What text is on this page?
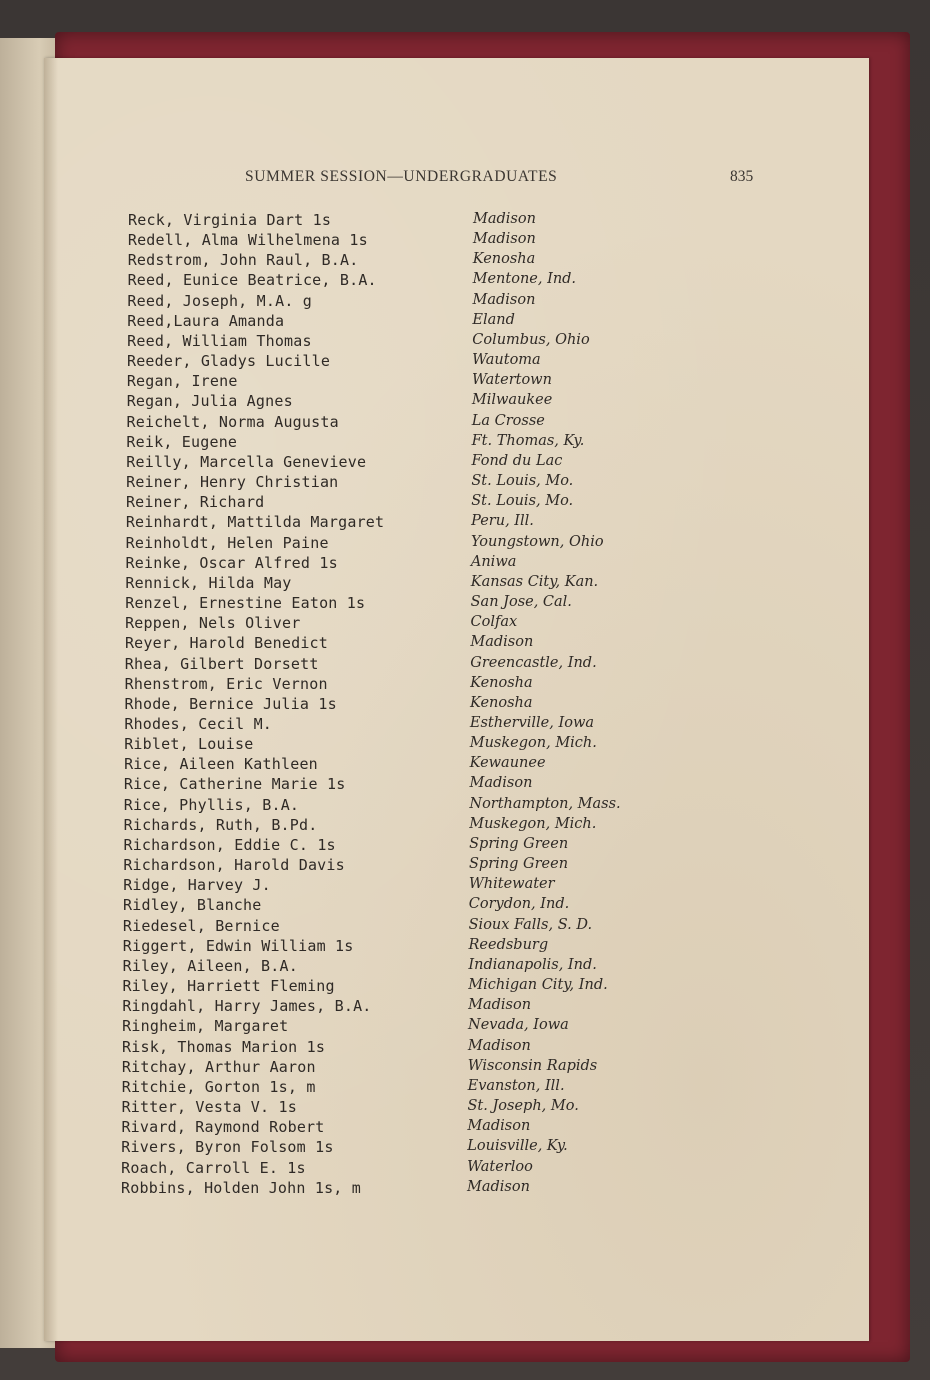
SUMMER SESSION—UNDERGRADUATES	835
Reck, Virginia Dart 1s	Madison
Redell, Alma Wilhelmena 1s	Madison
Redstrom, John Raul, B.A.	Kenosha
Reed, Eunice Beatrice, B.A.	Mentone, Ind.
Reed, Joseph, M.A. g	Madison
Reed,Laura Amanda	Eland
Reed, William Thomas	Columbus, Ohio
Reeder, Gladys Lucille	Wautoma
Regan, Irene	Watertown
Regan, Julia Agnes	Milwaukee
Reichelt, Norma Augusta	La Crosse
Reik, Eugene	Ft. Thomas, Ky.
Reilly, Marcella Genevieve	Fond du Lac
Reiner, Henry Christian	St. Louis, Mo.
Reiner, Richard	St. Louis, Mo.
Reinhardt, Mattilda Margaret	Peru, Ill.
Reinholdt, Helen Paine	Youngstown, Ohio
Reinke, Oscar Alfred 1s	Aniwa
Rennick, Hilda May	Kansas City, Kan.
Renzel, Ernestine Eaton 1s	San Jose, Cal.
Reppen, Nels Oliver	Colfax
Reyer, Harold Benedict	Madison
Rhea, Gilbert Dorsett	Greencastle, Ind.
Rhenstrom, Eric Vernon	Kenosha
Rhode, Bernice Julia 1s	Kenosha
Rhodes, Cecil M.	Estherville, Iowa
Riblet, Louise	Muskegon, Mich.
Rice, Aileen Kathleen	Kewaunee
Rice, Catherine Marie 1s	Madison
Rice, Phyllis, B.A.	Northampton, Mass.
Richards, Ruth, B.Pd.	Muskegon, Mich.
Richardson, Eddie C. 1s	Spring Green
Richardson, Harold Davis	Spring Green
Ridge, Harvey J.	Whitewater
Ridley, Blanche	Corydon, Ind.
Riedesel, Bernice	Sioux Falls, S. D.
Riggert, Edwin William 1s	Reedsburg
Riley, Aileen, B.A.	Indianapolis, Ind.
Riley, Harriett Fleming	Michigan City, Ind.
Ringdahl, Harry James, B.A.	Madison
Ringheim, Margaret	Nevada, Iowa
Risk, Thomas Marion 1s	Madison
Ritchay, Arthur Aaron	Wisconsin Rapids
Ritchie, Gorton 1s, m	Evanston, Ill.
Ritter, Vesta V. 1s	St. Joseph, Mo.
Rivard, Raymond Robert	Madison
Rivers, Byron Folsom 1s	Louisville, Ky.
Roach, Carroll E. 1s	Waterloo
Robbins, Holden John 1s, m	Madison
